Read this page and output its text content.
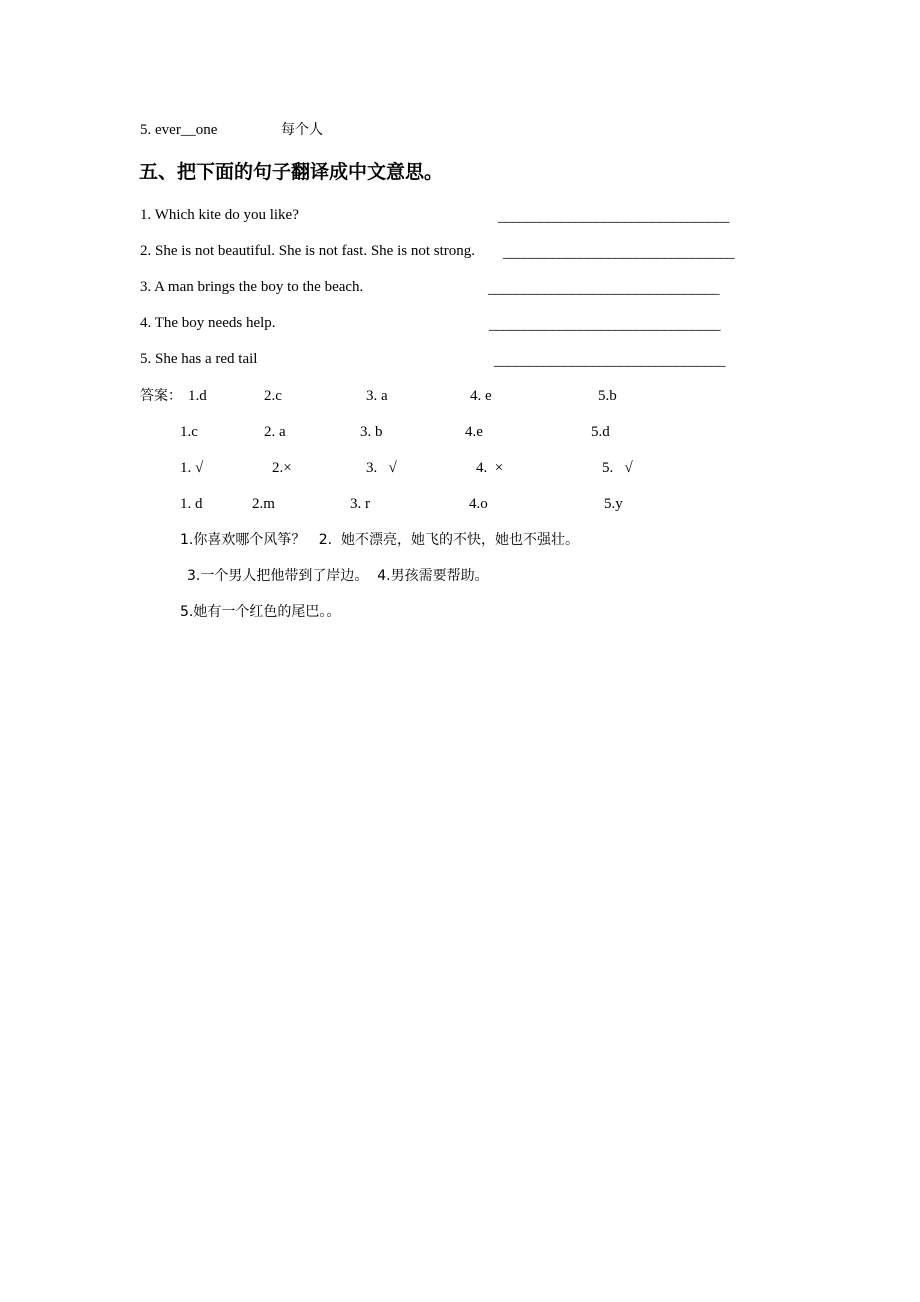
5. ever__one	每个人
五、把下面的句子翻译成中文意思。
1. Which kite do you like?	_________________________________
2. She is not beautiful. She is not fast. She is not strong. _________________________________
3. A man brings the boy to the beach.	_________________________________
4. The boy needs help.	_________________________________
5. She has a red tail	_________________________________
答案： 1.d	2.c	3. a	4. e	5.b
1.c	2. a	3. b	4.e	5.d
1. √	2.×	3.   √	4.  ×	5.   √
1. d	2.m	3. r	4.o	5.y
1.你喜欢哪个风筝？   2.  她不漂亮，她飞的不快，她也不强壮。
3.一个男人把他带到了岸边。  4.男孩需要帮助。
5.她有一个红色的尾巴。。
